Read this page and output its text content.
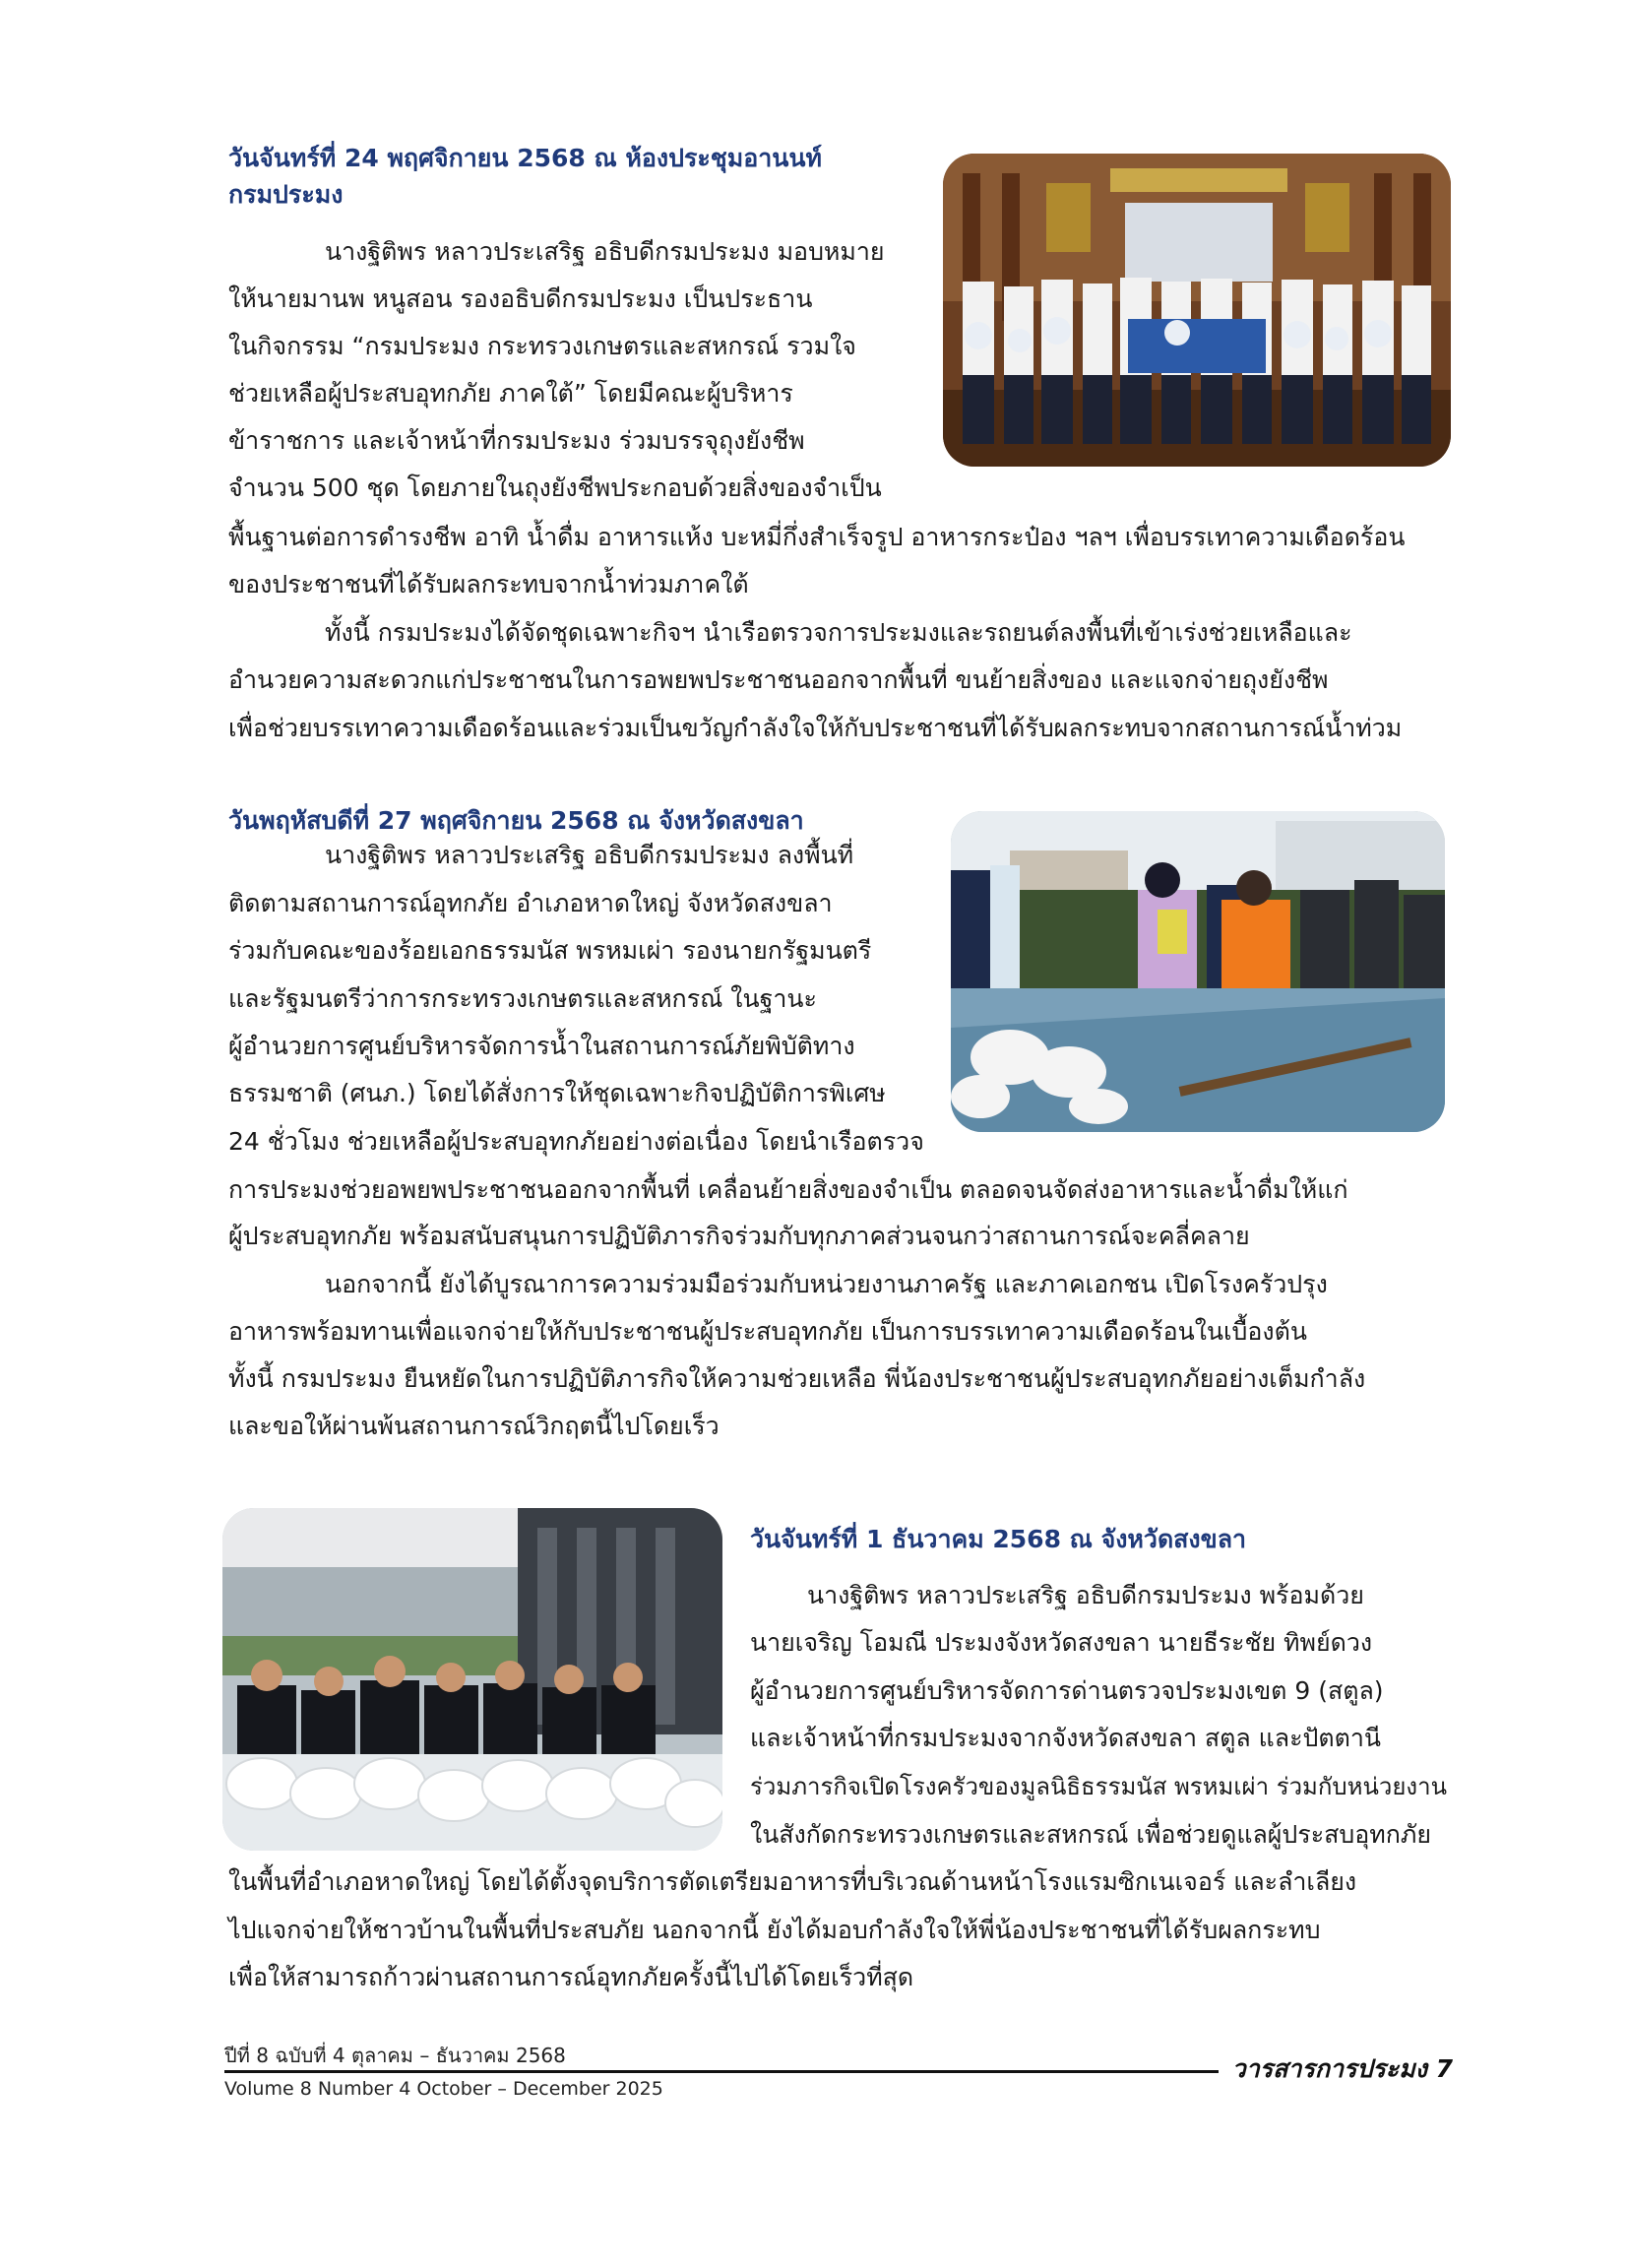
วันจันทร์ที่ 24 พฤศจิกายน 2568 ณ ห้องประชุมอานนท์
กรมประมง

นางฐิติพร หลาวประเสริฐ อธิบดีกรมประมง มอบหมาย

ให้นายมานพ หนูสอน รองอธิบดีกรมประมง เป็นประธาน

ในกิจกรรม “กรมประมง กระทรวงเกษตรและสหกรณ์ รวมใจ

ช่วยเหลือผู้ประสบอุทกภัย ภาคใต้” โดยมีคณะผู้บริหาร

ข้าราชการ และเจ้าหน้าที่กรมประมง ร่วมบรรจุถุงยังชีพ

จำนวน 500 ชุด โดยภายในถุงยังชีพประกอบด้วยสิ่งของจำเป็น

พื้นฐานต่อการดำรงชีพ อาทิ น้ำดื่ม อาหารแห้ง บะหมี่กึ่งสำเร็จรูป อาหารกระป๋อง ฯลฯ เพื่อบรรเทาความเดือดร้อน

ของประชาชนที่ได้รับผลกระทบจากน้ำท่วมภาคใต้

ทั้งนี้ กรมประมงได้จัดชุดเฉพาะกิจฯ นำเรือตรวจการประมงและรถยนต์ลงพื้นที่เข้าเร่งช่วยเหลือและ

อำนวยความสะดวกแก่ประชาชนในการอพยพประชาชนออกจากพื้นที่ ขนย้ายสิ่งของ และแจกจ่ายถุงยังชีพ

เพื่อช่วยบรรเทาความเดือดร้อนและร่วมเป็นขวัญกำลังใจให้กับประชาชนที่ได้รับผลกระทบจากสถานการณ์น้ำท่วม

วันพฤหัสบดีที่ 27 พฤศจิกายน 2568 ณ จังหวัดสงขลา

นางฐิติพร หลาวประเสริฐ อธิบดีกรมประมง ลงพื้นที่

ติดตามสถานการณ์อุทกภัย อำเภอหาดใหญ่ จังหวัดสงขลา

ร่วมกับคณะของร้อยเอกธรรมนัส พรหมเผ่า รองนายกรัฐมนตรี

และรัฐมนตรีว่าการกระทรวงเกษตรและสหกรณ์ ในฐานะ

ผู้อำนวยการศูนย์บริหารจัดการน้ำในสถานการณ์ภัยพิบัติทาง

ธรรมชาติ (ศนภ.) โดยได้สั่งการให้ชุดเฉพาะกิจปฏิบัติการพิเศษ

24 ชั่วโมง ช่วยเหลือผู้ประสบอุทกภัยอย่างต่อเนื่อง โดยนำเรือตรวจ

การประมงช่วยอพยพประชาชนออกจากพื้นที่ เคลื่อนย้ายสิ่งของจำเป็น ตลอดจนจัดส่งอาหารและน้ำดื่มให้แก่

ผู้ประสบอุทกภัย พร้อมสนับสนุนการปฏิบัติภารกิจร่วมกับทุกภาคส่วนจนกว่าสถานการณ์จะคลี่คลาย

นอกจากนี้ ยังได้บูรณาการความร่วมมือร่วมกับหน่วยงานภาครัฐ และภาคเอกชน เปิดโรงครัวปรุง

อาหารพร้อมทานเพื่อแจกจ่ายให้กับประชาชนผู้ประสบอุทกภัย เป็นการบรรเทาความเดือดร้อนในเบื้องต้น

ทั้งนี้ กรมประมง ยืนหยัดในการปฏิบัติภารกิจให้ความช่วยเหลือ พี่น้องประชาชนผู้ประสบอุทกภัยอย่างเต็มกำลัง

และขอให้ผ่านพ้นสถานการณ์วิกฤตนี้ไปโดยเร็ว

วันจันทร์ที่ 1 ธันวาคม 2568 ณ จังหวัดสงขลา

นางฐิติพร หลาวประเสริฐ อธิบดีกรมประมง พร้อมด้วย

นายเจริญ โอมณี ประมงจังหวัดสงขลา นายธีระชัย ทิพย์ดวง

ผู้อำนวยการศูนย์บริหารจัดการด่านตรวจประมงเขต 9 (สตูล)

และเจ้าหน้าที่กรมประมงจากจังหวัดสงขลา สตูล และปัตตานี

ร่วมภารกิจเปิดโรงครัวของมูลนิธิธรรมนัส พรหมเผ่า ร่วมกับหน่วยงาน

ในสังกัดกระทรวงเกษตรและสหกรณ์ เพื่อช่วยดูแลผู้ประสบอุทกภัย

ในพื้นที่อำเภอหาดใหญ่ โดยได้ตั้งจุดบริการตัดเตรียมอาหารที่บริเวณด้านหน้าโรงแรมซิกเนเจอร์ และลำเลียง

ไปแจกจ่ายให้ชาวบ้านในพื้นที่ประสบภัย นอกจากนี้ ยังได้มอบกำลังใจให้พี่น้องประชาชนที่ได้รับผลกระทบ

เพื่อให้สามารถก้าวผ่านสถานการณ์อุทกภัยครั้งนี้ไปได้โดยเร็วที่สุด

ปีที่ 8 ฉบับที่ 4 ตุลาคม – ธันวาคม 2568	วารสารการประมง 7
Volume 8 Number 4 October – December 2025
